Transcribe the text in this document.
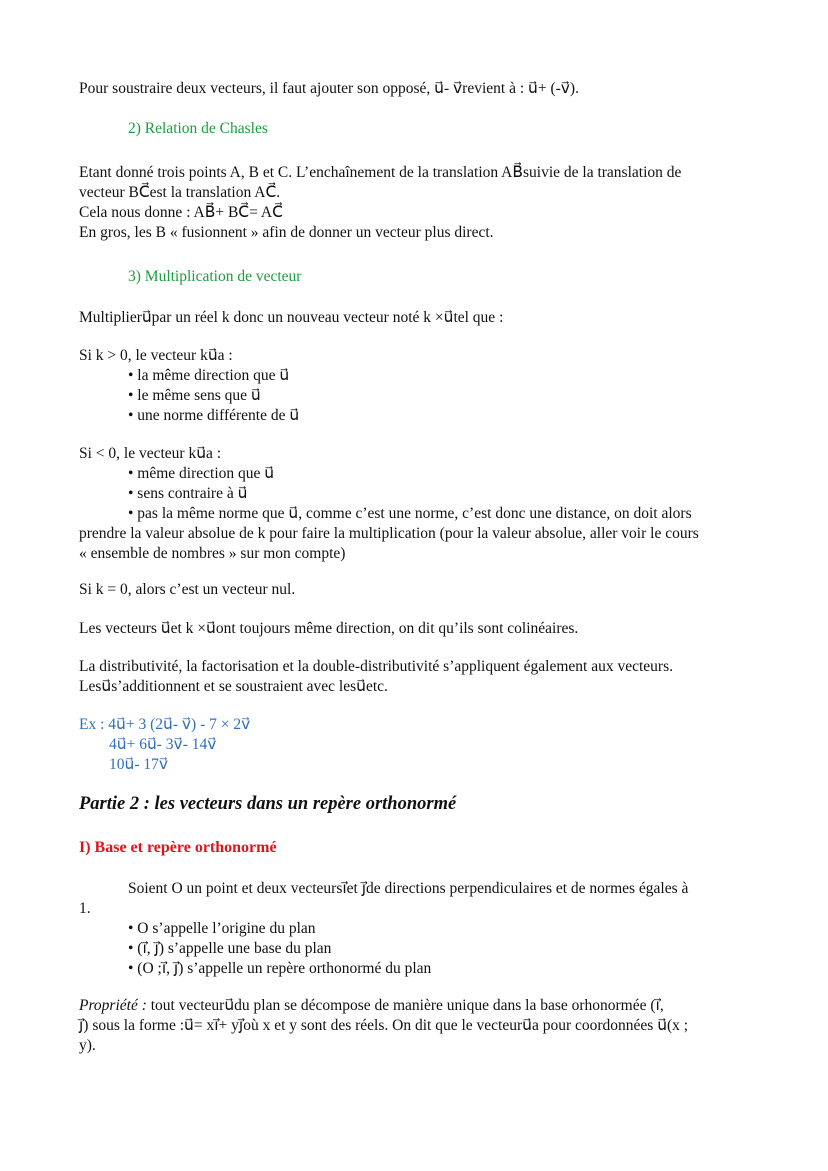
Pour soustraire deux vecteurs, il faut ajouter son opposé, u⃗- v⃗revient à : u⃗+ (-v⃗).

2) Relation de Chasles

Etant donné trois points A, B et C. L’enchaînement de la translation AB⃗suivie de la translation de

vecteur BC⃗est la translation AC⃗.

Cela nous donne : AB⃗+ BC⃗= AC⃗

En gros, les B « fusionnent » afin de donner un vecteur plus direct.

3) Multiplication de vecteur

Multiplieru⃗par un réel k donc un nouveau vecteur noté k ×u⃗tel que :

Si k > 0, le vecteur ku⃗a :

• la même direction que u⃗

• le même sens que u⃗

• une norme différente de u⃗

Si < 0, le vecteur ku⃗a :

• même direction que u⃗

• sens contraire à u⃗

• pas la même norme que u⃗, comme c’est une norme, c’est donc une distance, on doit alors

prendre la valeur absolue de k pour faire la multiplication (pour la valeur absolue, aller voir le cours

« ensemble de nombres » sur mon compte)

Si k = 0, alors c’est un vecteur nul.

Les vecteurs u⃗et k ×u⃗ont toujours même direction, on dit qu’ils sont colinéaires.

La distributivité, la factorisation et la double-distributivité s’appliquent également aux vecteurs.

Lesu⃗s’additionnent et se soustraient avec lesu⃗etc.

Ex : 4u⃗+ 3 (2u⃗- v⃗) - 7 × 2v⃗

4u⃗+ 6u⃗- 3v⃗- 14v⃗

10u⃗- 17v⃗

Partie 2 : les vecteurs dans un repère orthonormé

I) Base et repère orthonormé

Soient O un point et deux vecteursı⃗et ȷ⃗de directions perpendiculaires et de normes égales à

1.

• O s’appelle l’origine du plan

• (ı⃗, ȷ⃗) s’appelle une base du plan

• (O ;ı⃗, ȷ⃗) s’appelle un repère orthonormé du plan

Propriété : tout vecteuru⃗du plan se décompose de manière unique dans la base orhonormée (ı⃗,

ȷ⃗) sous la forme :u⃗= xı⃗+ yȷ⃗où x et y sont des réels. On dit que le vecteuru⃗a pour coordonnées u⃗(x ;

y).
